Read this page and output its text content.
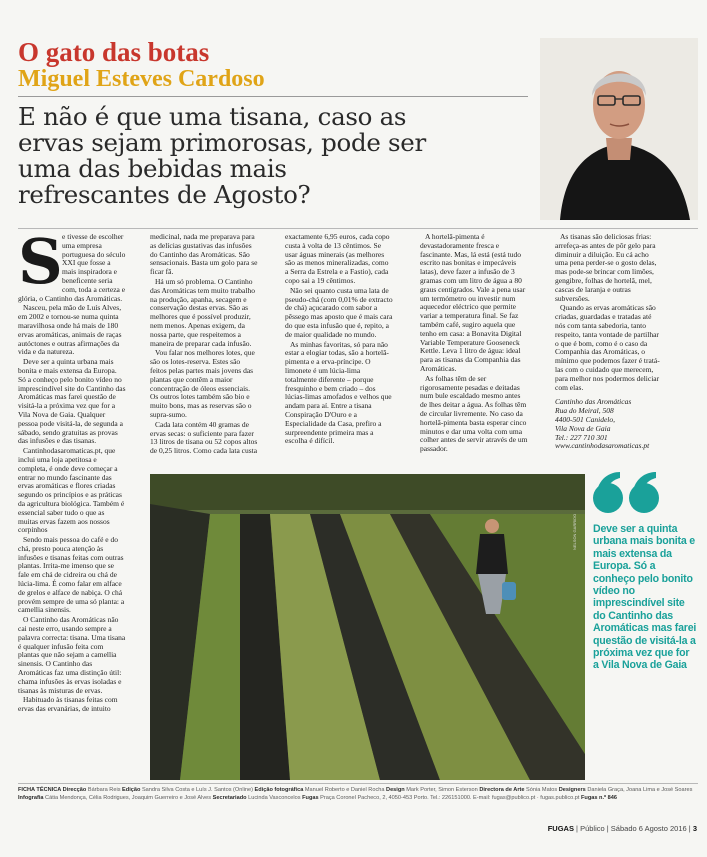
O gato das botas
Miguel Esteves Cardoso
E não é que uma tisana, caso as ervas sejam primorosas, pode ser uma das bebidas mais refrescantes de Agosto?
S e tivesse de escolher uma empresa portuguesa do século XXI que fosse a mais inspiradora e beneficente seria com, toda a certeza e glória, o Cantinho das Aromáticas.

Nasceu, pela mão de Luís Alves, em 2002 e tornou-se numa quinta maravilhosa onde há mais de 180 ervas aromáticas, animais de raças autóctones e outras afirmações da vida e da natureza.

Deve ser a quinta urbana mais bonita e mais extensa da Europa. Só a conheço pelo bonito vídeo no imprescindível site do Cantinho das Aromáticas mas farei questão de visitá-la a próxima vez que for a Vila Nova de Gaia. Qualquer pessoa pode visitá-la, de segunda a sábado, sendo gratuitas as provas das infusões e das tisanas.

Cantinhodasaromaticas.pt, que inclui uma loja apetitosa e completa, é onde deve começar a entrar no mundo fascinante das ervas aromáticas e flores criadas segundo os princípios e as práticas da agricultura biológica. Também é essencial saber tudo o que as muitas ervas fazem aos nossos corpinhos

Sendo mais pessoa do café e do chá, presto pouca atenção às infusões e tisanas feitas com outras plantas. Irrita-me imenso que se fale em chá de cidreira ou chá de lúcia-lima. É como falar em alface de grelos e alface de nabiça. O chá provém sempre de uma só planta: a camellia sinensis.

O Cantinho das Aromáticas não cai neste erro, usando sempre a palavra correcta: tisana. Uma tisana é qualquer infusão feita com plantas que não sejam a camellia sinensis. O Cantinho das Aromáticas faz uma distinção útil: chama infusões às ervas isoladas e tisanas às misturas de ervas.

Habituado às tisanas feitas com ervas das ervanárias, de intuito

medicinal, nada me preparava para as delícias gustativas das infusões do Cantinho das Aromáticas. São sensacionais. Basta um golo para se ficar fã.

Há um só problema. O Cantinho das Aromáticas tem muito trabalho na produção, apanha, secagem e conservação destas ervas. São as melhores que é possível produzir, nem menos. Apenas exigem, da nossa parte, que respeitemos a maneira de preparar cada infusão.

Vou falar nos melhores lotes, que são os lotes-reserva. Estes são feitos pelas partes mais jovens das plantas que contêm a maior concentração de óleos essenciais. Os outros lotes também são bio e muito bons, mas as reservas são o supra-sumo.

Cada lata contém 40 gramas de ervas secas: o suficiente para fazer 13 litros de tisana ou 52 copos altos de 0,25 litros. Como cada lata custa

exactamente 6,95 euros, cada copo custa à volta de 13 cêntimos. Se usar águas minerais (as melhores são as menos mineralizadas, como a Serra da Estrela e a Fastio), cada copo sai a 19 cêntimos.

Não sei quanto custa uma lata de pseudo-chá (com 0,01% de extracto de chá) açucarado com sabor a pêssego mas aposto que é mais cara do que esta infusão que é, repito, a de maior qualidade no mundo.

As minhas favoritas, só para não estar a elogiar todas, são a hortelã-pimenta e a erva-príncipe. O limonete é um lúcia-lima totalmente diferente – porque fresquinho e bem criado – dos lúcias-limas amofados e velhos que andam para aí. Entre a tisana Conspiração D'Ouro e a Especialidade da Casa, prefiro a surpreendente primeira mas a escolha é difícil.

A hortelã-pimenta é devastadoramente fresca e fascinante. Mas, lá está (está tudo escrito nas bonitas e impecáveis latas), deve fazer a infusão de 3 gramas com um litro de água a 80 graus centígrados. Vale a pena usar um termómetro ou investir num aquecedor eléctrico que permite variar a temperatura final. Se faz também café, sugiro aquela que tenho em casa: a Bonavita Digital Variable Temperature Gooseneck Kettle. Leva 1 litro de água: ideal para as tisanas da Companhia das Aromáticas.

As folhas têm de ser rigorosamente pesadas e deitadas num bule escaldado mesmo antes de lhes deitar a água. As folhas têm de circular livremente. No caso da hortelã-pimenta basta esperar cinco minutos e dar uma volta com uma colher antes de servir através de um passador.

As tisanas são deliciosas frias: arrefeça-as antes de pôr gelo para diminuir a diluição. Eu cá acho uma pena perder-se o gosto delas, mas pode-se brincar com limões, gengibre, folhas de hortelã, mel, cascas de laranja e outras subversões.

Quando as ervas aromáticas são criadas, guardadas e tratadas até nós com tanta sabedoria, tanto respeito, tanta vontade de partilhar o que é bom, como é o caso da Companhia das Aromáticas, o mínimo que podemos fazer é tratá-las com o cuidado que merecem, para melhor nos podermos deliciar com elas.

Cantinho das Aromáticas
Rua do Meiral, 508
4400-501 Canidelo,
Vila Nova de Gaia
Tel.: 227 710 301
www.cantinhodasaromaticas.pt
NELSON GARRIDO Deve ser a quinta urbana mais bonita e mais extensa da Europa. Só a conheço pelo bonito vídeo no imprescindível site do Cantinho das Aromáticas mas farei questão de visitá-la a próxima vez que for a Vila Nova de Gaia

FICHA TÉCNICA Direcção Bárbara Reis Edição Sandra Silva Costa e Luís J. Santos (Online) Edição fotográfica Manuel Roberto e Daniel Rocha Design Mark Porter, Simon Esterson Directora de Arte Sónia Matos Designers Daniela Graça, Joana Lima e José Soares Infografia Cátia Mendonça, Célia Rodrigues, Joaquim Guerreiro e José Alves Secretariado Lucinda Vasconcelos Fugas Praça Coronel Pacheco, 2, 4050-453 Porto. Tel.: 226151000. E-mail: fugas@publico.pt · fugas.publico.pt Fugas n.º 846
FUGAS | Público | Sábado 6 Agosto 2016 | 3
